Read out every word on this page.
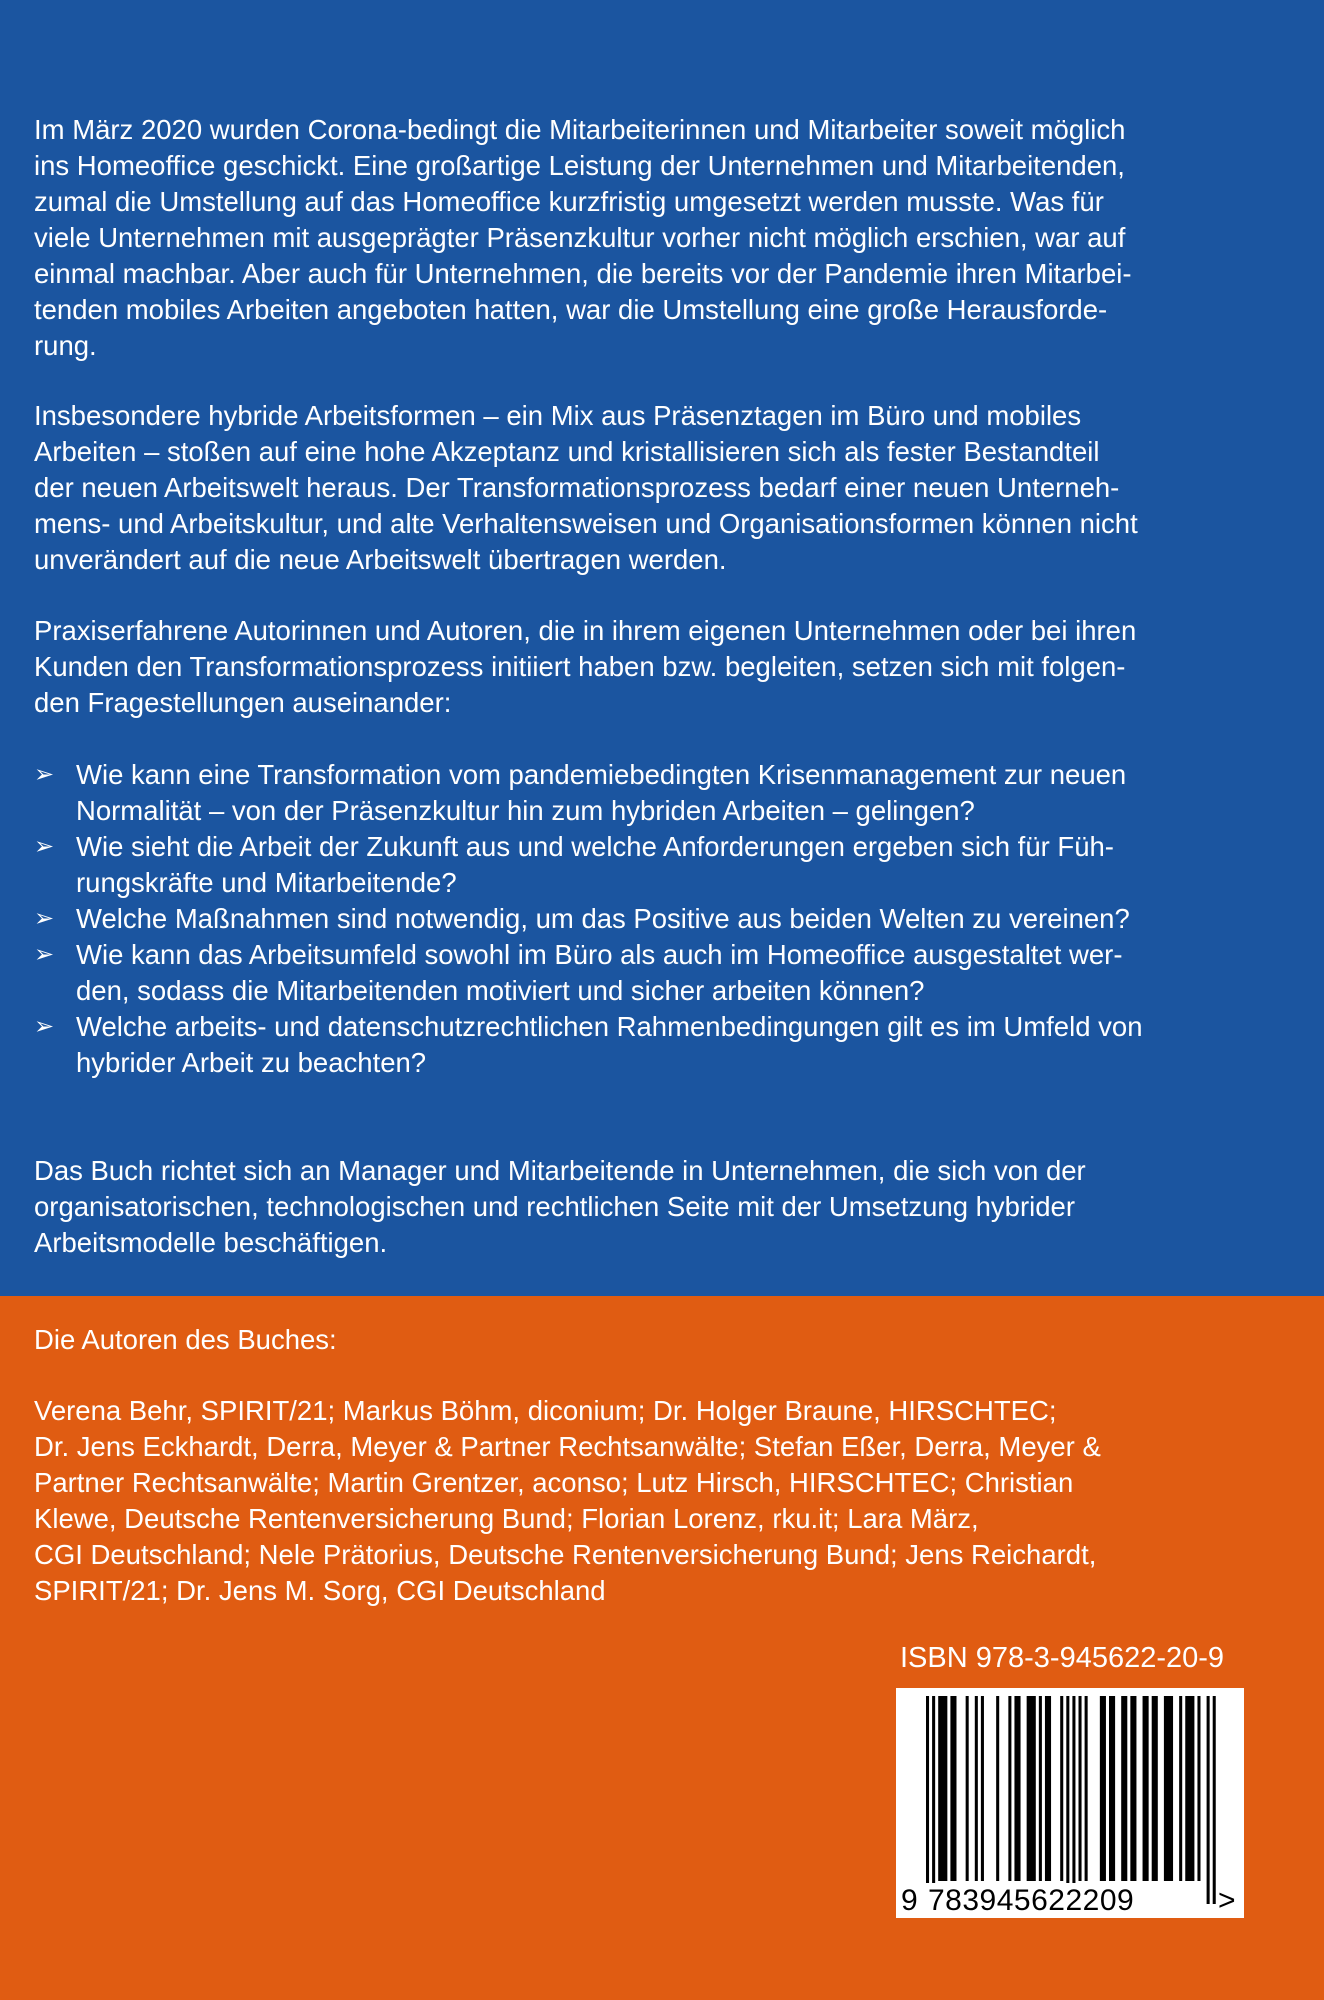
Im März 2020 wurden Corona-bedingt die Mitarbeiterinnen und Mitarbeiter soweit möglich
ins Homeoffice geschickt. Eine großartige Leistung der Unternehmen und Mitarbeitenden,
zumal die Umstellung auf das Homeoffice kurzfristig umgesetzt werden musste. Was für
viele Unternehmen mit ausgeprägter Präsenzkultur vorher nicht möglich erschien, war auf
einmal machbar. Aber auch für Unternehmen, die bereits vor der Pandemie ihren Mitarbei-
tenden mobiles Arbeiten angeboten hatten, war die Umstellung eine große Herausforde-
rung.
Insbesondere hybride Arbeitsformen – ein Mix aus Präsenztagen im Büro und mobiles
Arbeiten – stoßen auf eine hohe Akzeptanz und kristallisieren sich als fester Bestandteil
der neuen Arbeitswelt heraus. Der Transformationsprozess bedarf einer neuen Unterneh-
mens- und Arbeitskultur, und alte Verhaltensweisen und Organisationsformen können nicht
unverändert auf die neue Arbeitswelt übertragen werden.
Praxiserfahrene Autorinnen und Autoren, die in ihrem eigenen Unternehmen oder bei ihren
Kunden den Transformationsprozess initiiert haben bzw. begleiten, setzen sich mit folgen-
den Fragestellungen auseinander:
➢ Wie kann eine Transformation vom pandemiebedingten Krisenmanagement zur neuen
Normalität – von der Präsenzkultur hin zum hybriden Arbeiten – gelingen?
➢ Wie sieht die Arbeit der Zukunft aus und welche Anforderungen ergeben sich für Füh-
rungskräfte und Mitarbeitende?
➢ Welche Maßnahmen sind notwendig, um das Positive aus beiden Welten zu vereinen?
➢ Wie kann das Arbeitsumfeld sowohl im Büro als auch im Homeoffice ausgestaltet wer-
den, sodass die Mitarbeitenden motiviert und sicher arbeiten können?
➢ Welche arbeits- und datenschutzrechtlichen Rahmenbedingungen gilt es im Umfeld von
hybrider Arbeit zu beachten?
Das Buch richtet sich an Manager und Mitarbeitende in Unternehmen, die sich von der
organisatorischen, technologischen und rechtlichen Seite mit der Umsetzung hybrider
Arbeitsmodelle beschäftigen.
Die Autoren des Buches:
Verena Behr, SPIRIT/21; Markus Böhm, diconium; Dr. Holger Braune, HIRSCHTEC;
Dr. Jens Eckhardt, Derra, Meyer & Partner Rechtsanwälte; Stefan Eßer, Derra, Meyer &
Partner Rechtsanwälte; Martin Grentzer, aconso; Lutz Hirsch, HIRSCHTEC; Christian
Klewe, Deutsche Rentenversicherung Bund; Florian Lorenz, rku.it; Lara März,
CGI Deutschland; Nele Prätorius, Deutsche Rentenversicherung Bund; Jens Reichardt,
SPIRIT/21; Dr. Jens M. Sorg, CGI Deutschland
ISBN 978-3-945622-20-9
9 783945622209	>
